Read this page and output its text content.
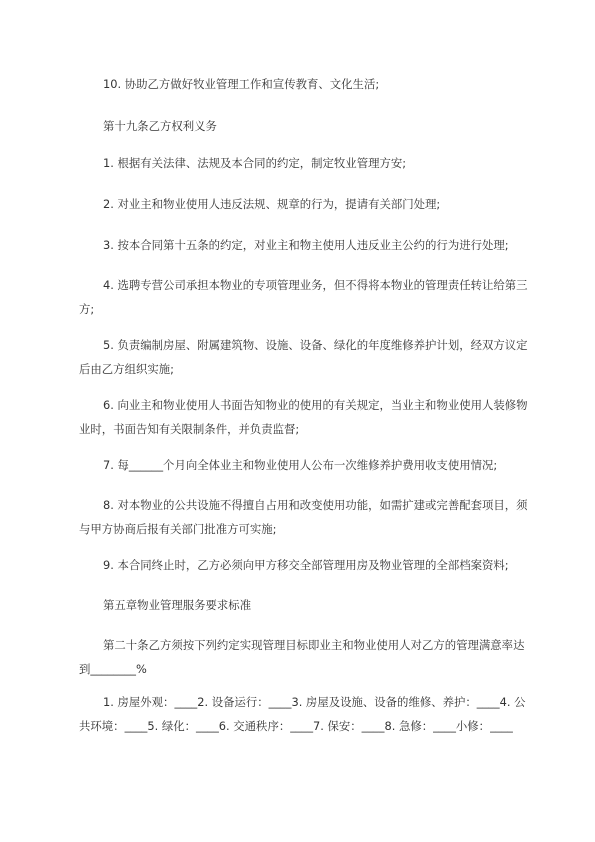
10. 协助乙方做好牧业管理工作和宣传教育、文化生活;

第十九条乙方权利义务

1. 根据有关法律、法规及本合同的约定，制定牧业管理方安;

2. 对业主和物业使用人违反法规、规章的行为，提请有关部门处理;

3. 按本合同第十五条的约定，对业主和物主使用人违反业主公约的行为进行处理;

4. 选聘专营公司承担本物业的专项管理业务，但不得将本物业的管理责任转让给第三方;

5. 负责编制房屋、附属建筑物、设施、设备、绿化的年度维修养护计划，经双方议定后由乙方组织实施;

6. 向业主和物业使用人书面告知物业的使用的有关规定，当业主和物业使用人装修物业时，书面告知有关限制条件，并负责监督;

7. 每______个月向全体业主和物业使用人公布一次维修养护费用收支使用情况;

8. 对本物业的公共设施不得擅自占用和改变使用功能，如需扩建或完善配套项目，须与甲方协商后报有关部门批准方可实施;

9. 本合同终止时，乙方必须向甲方移交全部管理用房及物业管理的全部档案资料;

第五章物业管理服务要求标准

第二十条乙方须按下列约定实现管理目标即业主和物业使用人对乙方的管理满意率达到________%

1. 房屋外观：____2. 设备运行：____3. 房屋及设施、设备的维修、养护：____4. 公共环境：____5. 绿化：____6. 交通秩序：____7. 保安：____8. 急修：____小修：____
